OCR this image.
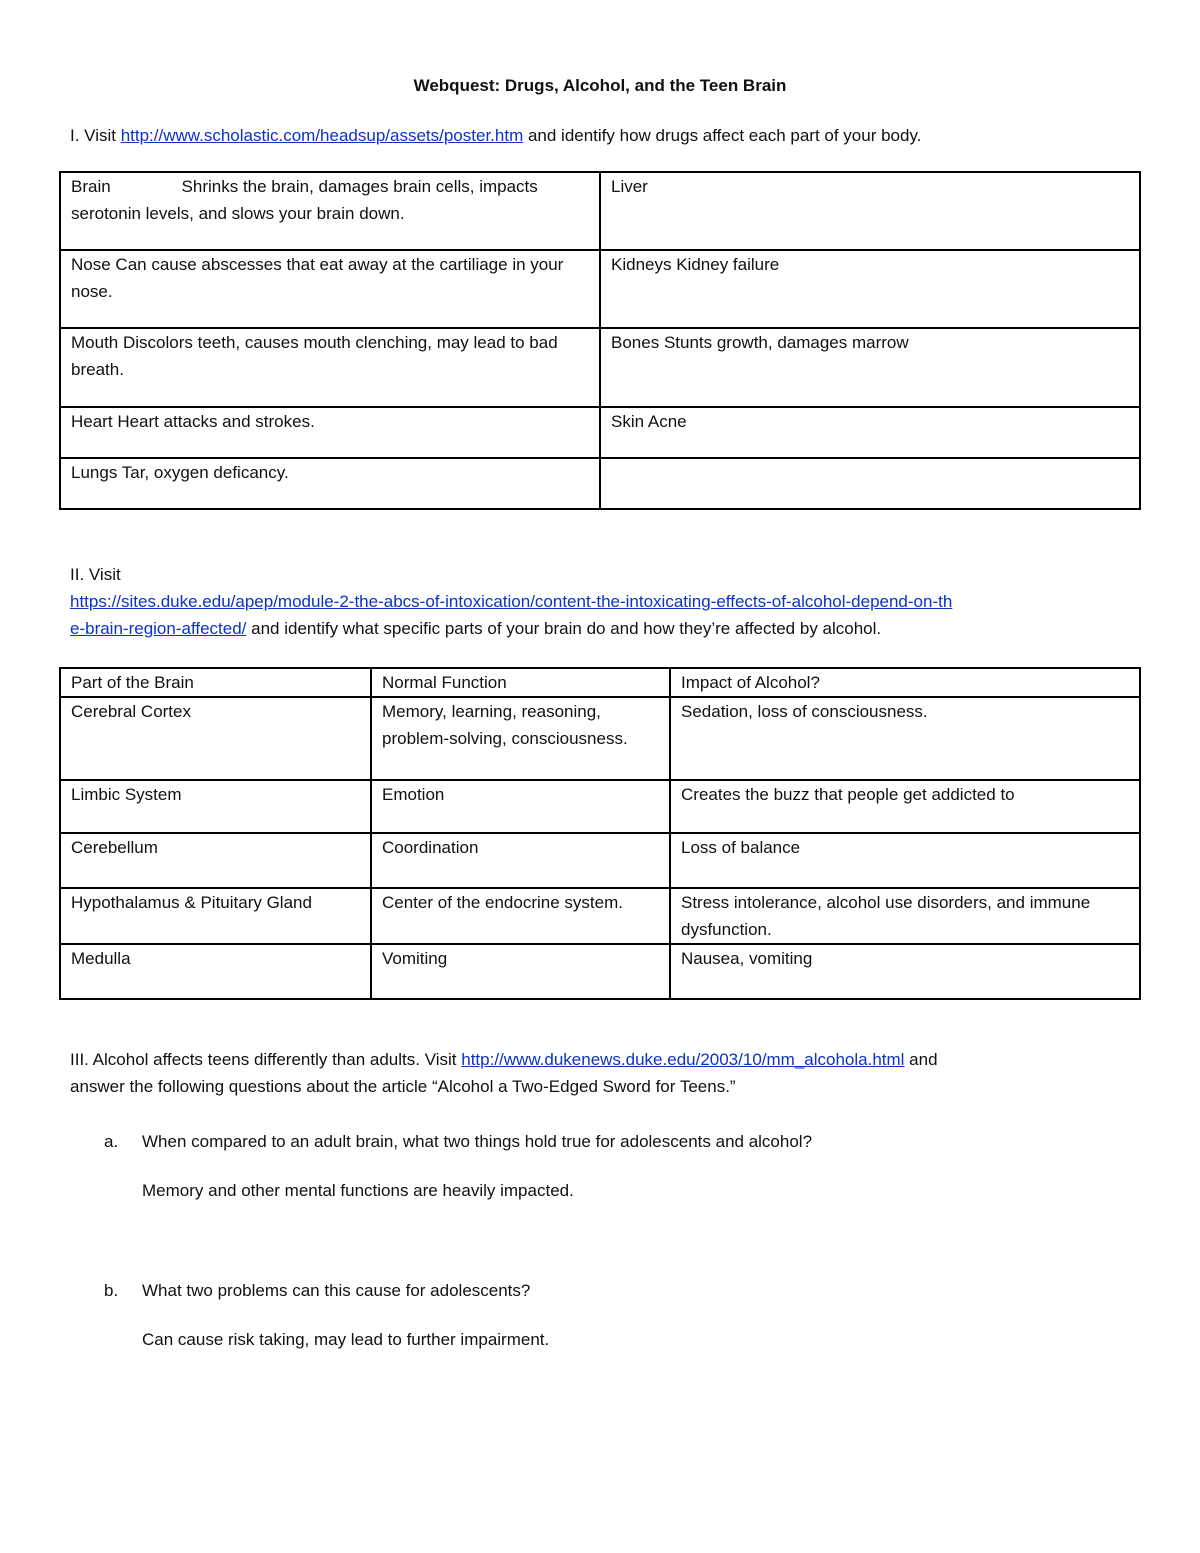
Webquest: Drugs, Alcohol, and the Teen Brain

I. Visit http://www.scholastic.com/headsup/assets/poster.htm and identify how drugs affect each part of your body.

Brain Shrinks the brain, damages brain cells, impacts serotonin levels, and slows your brain down.	Liver
Nose Can cause abscesses that eat away at the cartiliage in your nose.	Kidneys Kidney failure
Mouth Discolors teeth, causes mouth clenching, may lead to bad breath.	Bones Stunts growth, damages marrow
Heart Heart attacks and strokes.	Skin Acne
Lungs Tar, oxygen deficancy.	

II. Visit
https://sites.duke.edu/apep/module-2-the-abcs-of-intoxication/content-the-intoxicating-effects-of-alcohol-depend-on-th
e-brain-region-affected/ and identify what specific parts of your brain do and how they’re affected by alcohol.

Part of the Brain	Normal Function	Impact of Alcohol?
Cerebral Cortex	Memory, learning, reasoning, problem-solving, consciousness.	Sedation, loss of consciousness.
Limbic System	Emotion	Creates the buzz that people get addicted to
Cerebellum	Coordination	Loss of balance
Hypothalamus & Pituitary Gland	Center of the endocrine system.	Stress intolerance, alcohol use disorders, and immune dysfunction.
Medulla	Vomiting	Nausea, vomiting

III. Alcohol affects teens differently than adults. Visit http://www.dukenews.duke.edu/2003/10/mm_alcohola.html and
answer the following questions about the article “Alcohol a Two-Edged Sword for Teens.”

a. When compared to an adult brain, what two things hold true for adolescents and alcohol?
Memory and other mental functions are heavily impacted.
b. What two problems can this cause for adolescents?
Can cause risk taking, may lead to further impairment.
